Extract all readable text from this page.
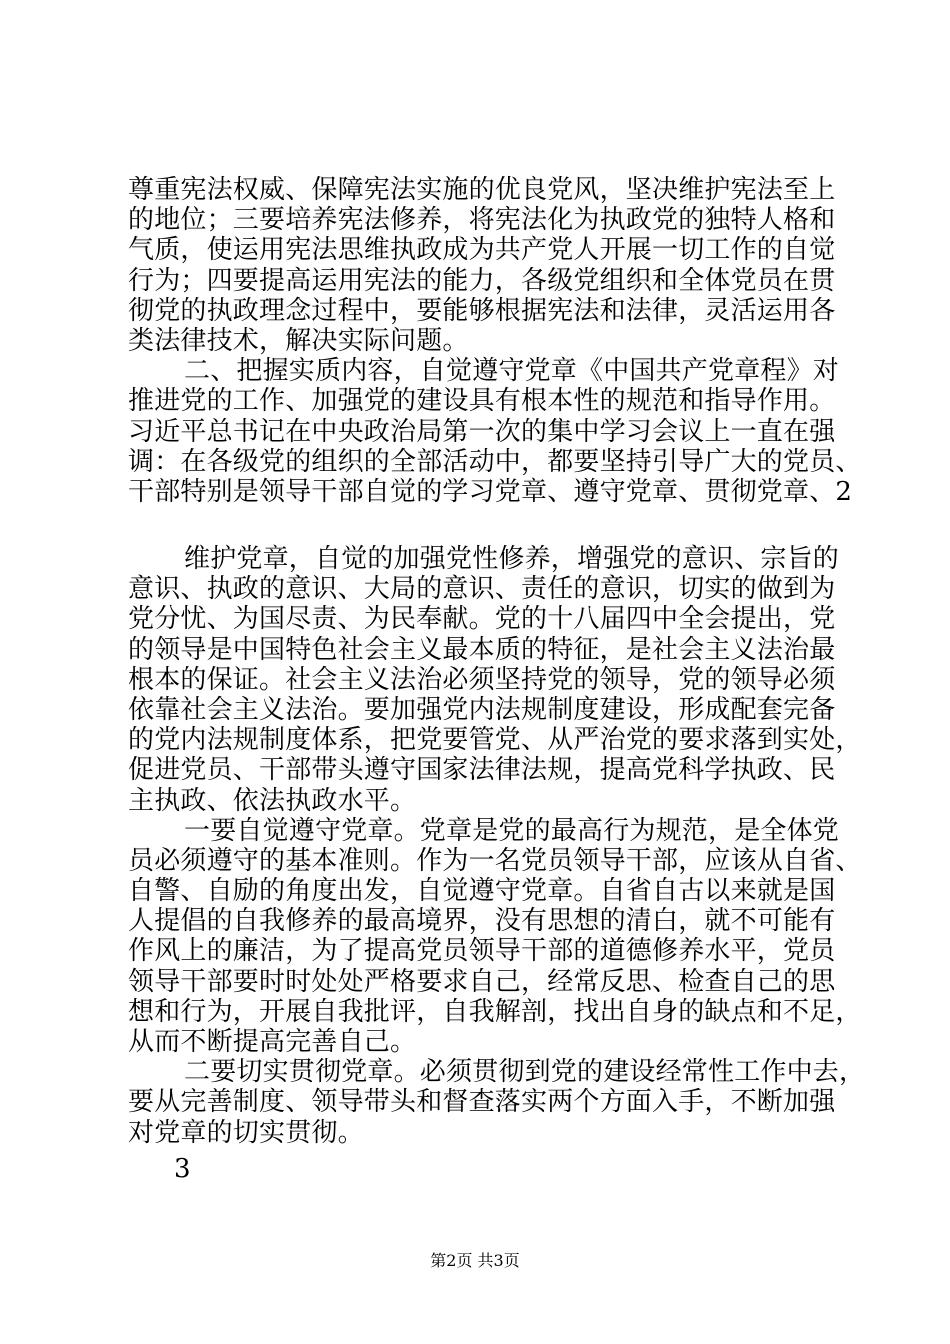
尊重宪法权威、保障宪法实施的优良党风，坚决维护宪法至上
的地位；三要培养宪法修养，将宪法化为执政党的独特人格和
气质，使运用宪法思维执政成为共产党人开展一切工作的自觉
行为；四要提高运用宪法的能力，各级党组织和全体党员在贯
彻党的执政理念过程中，要能够根据宪法和法律，灵活运用各
类法律技术，解决实际问题。
二、把握实质内容，自觉遵守党章《中国共产党章程》对
推进党的工作、加强党的建设具有根本性的规范和指导作用。
习近平总书记在中央政治局第一次的集中学习会议上一直在强
调：在各级党的组织的全部活动中，都要坚持引导广大的党员、
干部特别是领导干部自觉的学习党章、遵守党章、贯彻党章、2
维护党章，自觉的加强党性修养，增强党的意识、宗旨的
意识、执政的意识、大局的意识、责任的意识，切实的做到为
党分忧、为国尽责、为民奉献。党的十八届四中全会提出，党
的领导是中国特色社会主义最本质的特征，是社会主义法治最
根本的保证。社会主义法治必须坚持党的领导，党的领导必须
依靠社会主义法治。要加强党内法规制度建设，形成配套完备
的党内法规制度体系，把党要管党、从严治党的要求落到实处，
促进党员、干部带头遵守国家法律法规，提高党科学执政、民
主执政、依法执政水平。
一要自觉遵守党章。党章是党的最高行为规范，是全体党
员必须遵守的基本准则。作为一名党员领导干部，应该从自省、
自警、自励的角度出发，自觉遵守党章。自省自古以来就是国
人提倡的自我修养的最高境界，没有思想的清白，就不可能有
作风上的廉洁，为了提高党员领导干部的道德修养水平，党员
领导干部要时时处处严格要求自己，经常反思、检查自己的思
想和行为，开展自我批评，自我解剖，找出自身的缺点和不足，
从而不断提高完善自己。
二要切实贯彻党章。必须贯彻到党的建设经常性工作中去，
要从完善制度、领导带头和督查落实两个方面入手，不断加强
对党章的切实贯彻。
3
第2页 共3页
